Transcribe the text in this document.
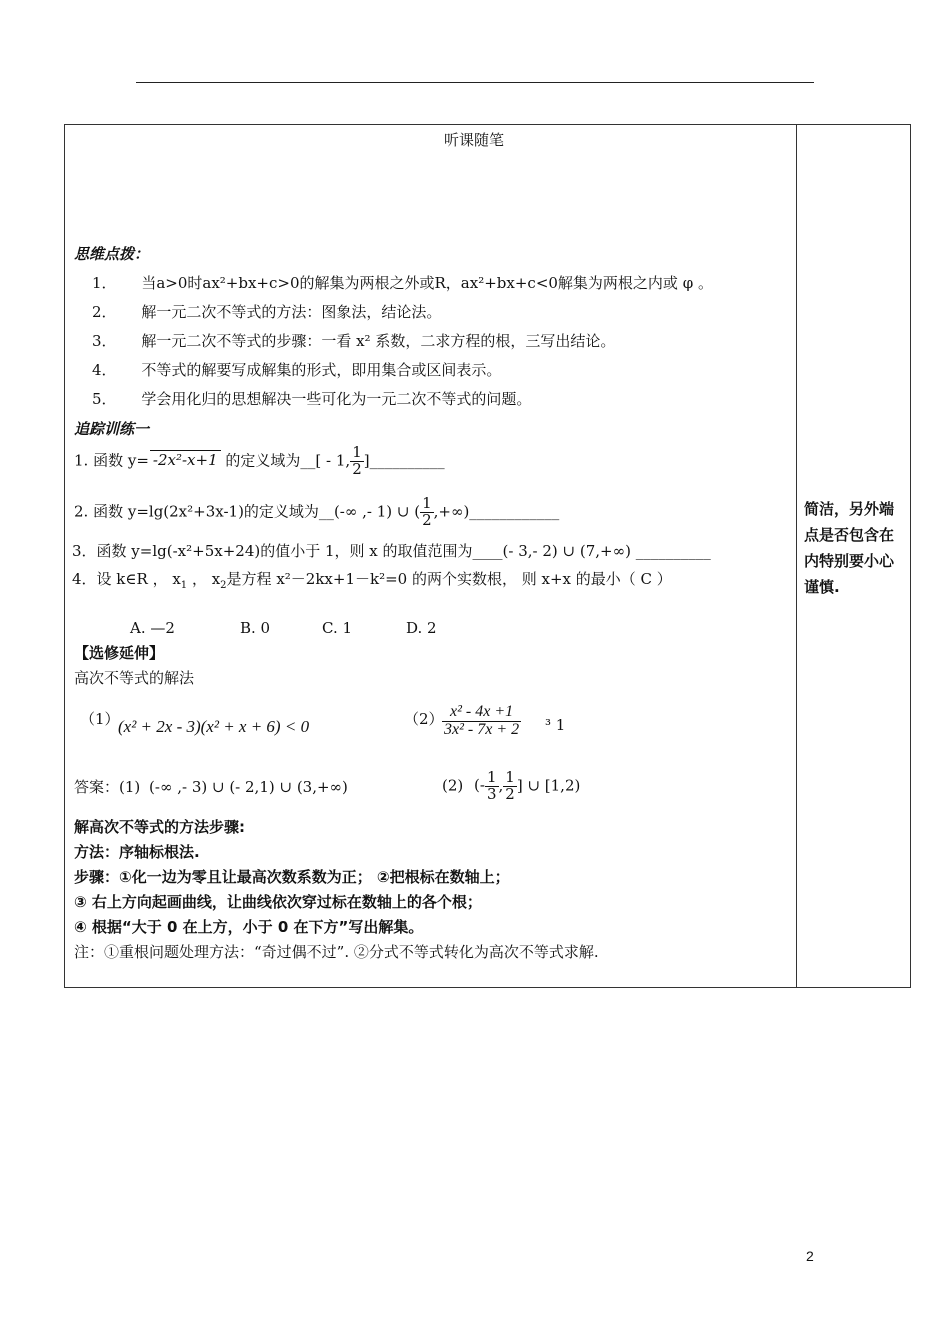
听课随笔
思维点拨：
1． 当a>0时ax²+bx+c>0的解集为两根之外或R，ax²+bx+c<0解集为两根之内或 φ 。
2． 解一元二次不等式的方法：图象法，结论法。
3． 解一元二次不等式的步骤：一看 x² 系数，二求方程的根，三写出结论。
4． 不等式的解要写成解集的形式，即用集合或区间表示。
5． 学会用化归的思想解决一些可化为一元二次不等式的问题。
追踪训练一
1. 函数 y= -2x²-x+1 的定义域为__[ - 1, $\frac{1}{2}$ ]__________
2. 函数 y=lg(2x²+3x-1)的定义域为__(-∞ ,- 1) ∪ ( $\frac{1}{2}$ ,+∞)____________
3．函数 y=lg(-x²+5x+24)的值小于 1，则 x 的取值范围为____(- 3,- 2) ∪ (7,+∞) __________
4．设 k∈R ， $x_1$ ， $x_2$是方程 x²－2kx+1－k²=0 的两个实数根， 则 x+x 的最小（ C ）
A. —2	B. 0	C. 1	D. 2
【选修延伸】
高次不等式的解法
（1）
(x² + 2x - 3)(x² + x + 6) < 0	（2）
$\frac{\text{x² - 4x +1}}{\text{3x² - 7x + 2}} ^3$ 1
答案：(1) (-∞ ,- 3) ∪ (- 2,1) ∪ (3,+∞)	(2) (- $\frac{1}{3}$ , $\frac{1}{2}$ ] ∪ [1,2)
解高次不等式的方法步骤:
方法：序轴标根法.
步骤：①化一边为零且让最高次数系数为正； ②把根标在数轴上；
③ 右上方向起画曲线，让曲线依次穿过标在数轴上的各个根；
④ 根据“大于 0 在上方，小于 0 在下方”写出解集。
注：①重根问题处理方法：“奇过偶不过”. ②分式不等式转化为高次不等式求解.
简洁，另外端点是否包含在内特别要小心谨慎.
2
